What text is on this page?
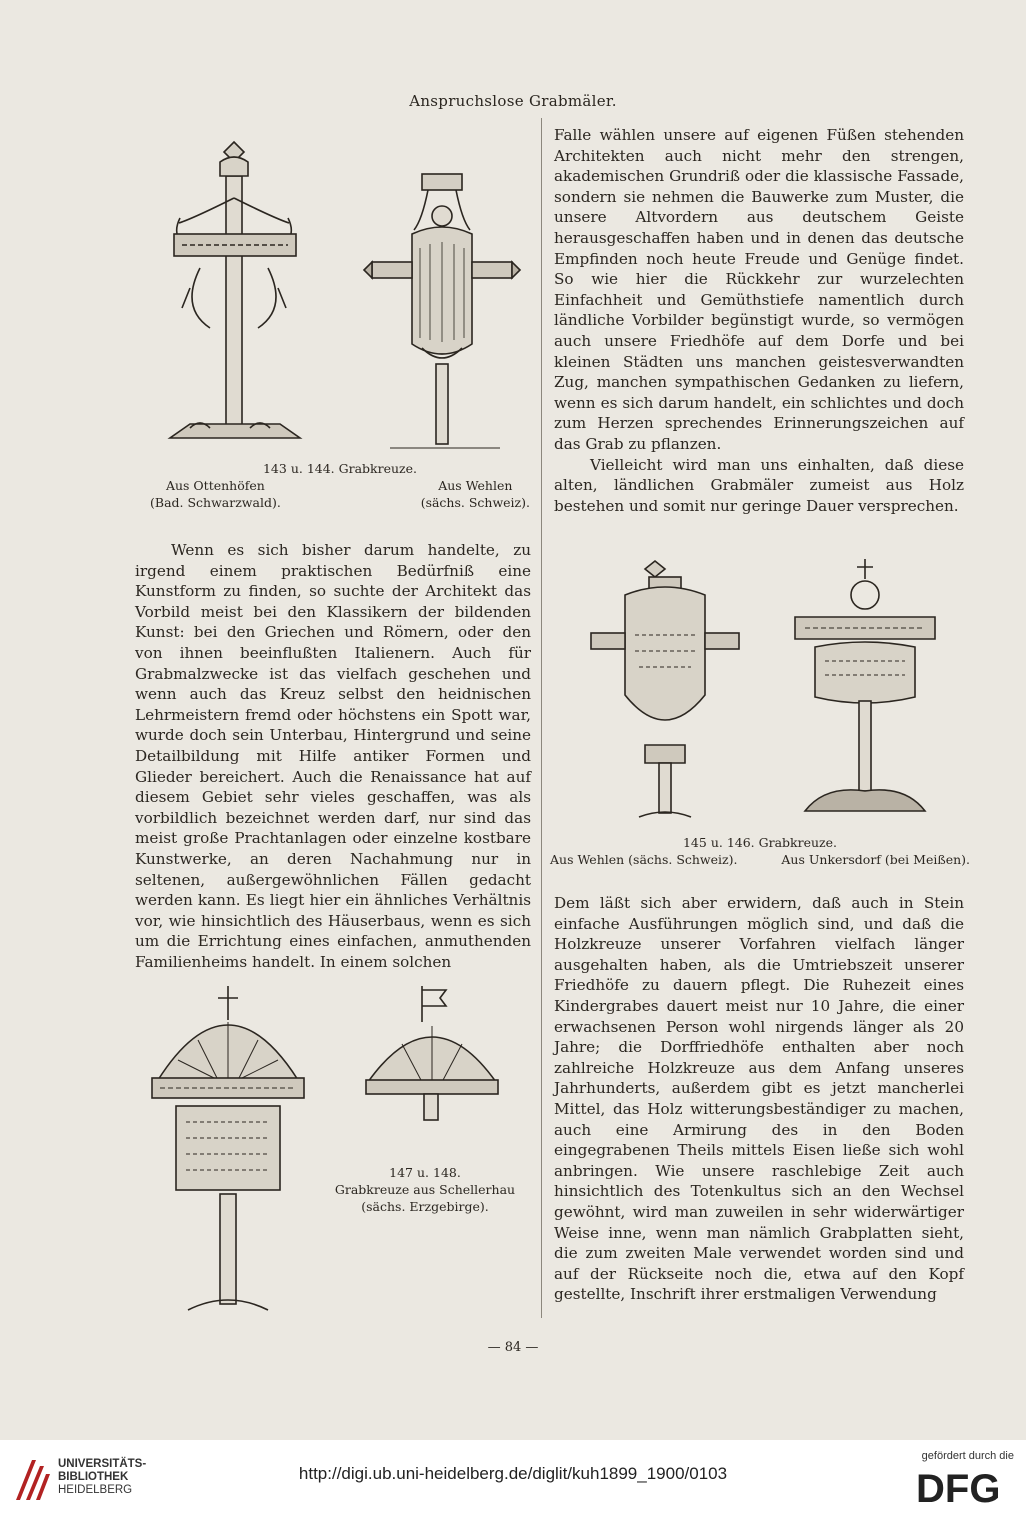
Anspruchslose Grabmäler.
143 u. 144. Grabkreuze.
Aus Ottenhöfen
(Bad. Schwarzwald).
Aus Wehlen
(sächs. Schweiz).

Falle wählen unsere auf eigenen Füßen stehenden Architekten auch nicht mehr den strengen, akademischen Grundriß oder die klassische Fassade, sondern sie nehmen die Bauwerke zum Muster, die unsere Altvordern aus deutschem Geiste herausgeschaffen haben und in denen das deutsche Empfinden noch heute Freude und Genüge findet. So wie hier die Rückkehr zur wurzelechten Einfachheit und Gemüthstiefe namentlich durch ländliche Vorbilder begünstigt wurde, so vermögen auch unsere Friedhöfe auf dem Dorfe und bei kleinen Städten uns manchen geistesverwandten Zug, manchen sympathischen Gedanken zu liefern, wenn es sich darum handelt, ein schlichtes und doch zum Herzen sprechendes Erinnerungszeichen auf das Grab zu pflanzen.

Vielleicht wird man uns einhalten, daß diese alten, ländlichen Grabmäler zumeist aus Holz bestehen und somit nur geringe Dauer versprechen.

145 u. 146. Grabkreuze.
Aus Wehlen (sächs. Schweiz).	Aus Unkersdorf (bei Meißen).

Wenn es sich bisher darum handelte, zu irgend einem praktischen Bedürfniß eine Kunstform zu finden, so suchte der Architekt das Vorbild meist bei den Klassikern der bildenden Kunst: bei den Griechen und Römern, oder den von ihnen beeinflußten Italienern. Auch für Grabmalzwecke ist das vielfach geschehen und wenn auch das Kreuz selbst den heidnischen Lehrmeistern fremd oder höchstens ein Spott war, wurde doch sein Unterbau, Hintergrund und seine Detailbildung mit Hilfe antiker Formen und Glieder bereichert. Auch die Renaissance hat auf diesem Gebiet sehr vieles geschaffen, was als vorbildlich bezeichnet werden darf, nur sind das meist große Prachtanlagen oder einzelne kostbare Kunstwerke, an deren Nachahmung nur in seltenen, außergewöhnlichen Fällen gedacht werden kann. Es liegt hier ein ähnliches Verhältnis vor, wie hinsichtlich des Häuserbaus, wenn es sich um die Errichtung eines einfachen, anmuthenden Familienheims handelt. In einem solchen

147 u. 148.
Grabkreuze aus Schellerhau
(sächs. Erzgebirge).

Dem läßt sich aber erwidern, daß auch in Stein einfache Ausführungen möglich sind, und daß die Holzkreuze unserer Vorfahren vielfach länger ausgehalten haben, als die Umtriebszeit unserer Friedhöfe zu dauern pflegt. Die Ruhezeit eines Kindergrabes dauert meist nur 10 Jahre, die einer erwachsenen Person wohl nirgends länger als 20 Jahre; die Dorffriedhöfe enthalten aber noch zahlreiche Holzkreuze aus dem Anfang unseres Jahrhunderts, außerdem gibt es jetzt mancherlei Mittel, das Holz witterungsbeständiger zu machen, auch eine Armirung des in den Boden eingegrabenen Theils mittels Eisen ließe sich wohl anbringen. Wie unsere raschlebige Zeit auch hinsichtlich des Totenkultus sich an den Wechsel gewöhnt, wird man zuweilen in sehr widerwärtiger Weise inne, wenn man nämlich Grabplatten sieht, die zum zweiten Male verwendet worden sind und auf der Rückseite noch die, etwa auf den Kopf gestellte, Inschrift ihrer erstmaligen Verwendung

— 84 —
UNIVERSITÄTS-
BIBLIOTHEK
HEIDELBERG
http://digi.ub.uni-heidelberg.de/diglit/kuh1899_1900/0103
gefördert durch die
DFG
